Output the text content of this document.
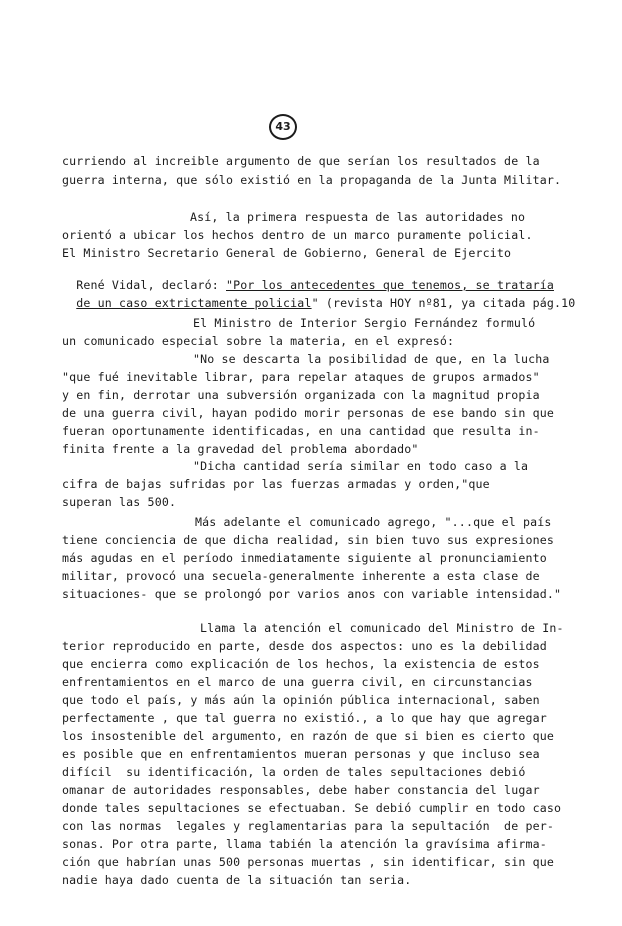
43
curriendo al increible argumento de que serían los resultados de la
guerra interna, que sólo existió en la propaganda de la Junta Militar.
Así, la primera respuesta de las autoridades no
orientó a ubicar los hechos dentro de un marco puramente policial.
El Ministro Secretario General de Gobierno, General de Ejercito

René Vidal, declaró: "Por los antecedentes que tenemos, se trataría

de un caso extrictamente policial" (revista HOY nº81, ya citada pág.10

El Ministro de Interior Sergio Fernández formuló
un comunicado especial sobre la materia, en el expresó:
"No se descarta la posibilidad de que, en la lucha
"que fué inevitable librar, para repelar ataques de grupos armados"
y en fin, derrotar una subversión organizada con la magnitud propia
de una guerra civil, hayan podido morir personas de ese bando sin que
fueran oportunamente identificadas, en una cantidad que resulta in-
finita frente a la gravedad del problema abordado"
"Dicha cantidad sería similar en todo caso a la
cifra de bajas sufridas por las fuerzas armadas y orden,"que
superan las 500.
Más adelante el comunicado agrego, "...que el país
tiene conciencia de que dicha realidad, sin bien tuvo sus expresiones
más agudas en el período inmediatamente siguiente al pronunciamiento
militar, provocó una secuela-generalmente inherente a esta clase de
situaciones- que se prolongó por varios anos con variable intensidad."
Llama la atención el comunicado del Ministro de In-
terior reproducido en parte, desde dos aspectos: uno es la debilidad
que encierra como explicación de los hechos, la existencia de estos
enfrentamientos en el marco de una guerra civil, en circunstancias
que todo el país, y más aún la opinión pública internacional, saben
perfectamente , que tal guerra no existió., a lo que hay que agregar
los insostenible del argumento, en razón de que si bien es cierto que
es posible que en enfrentamientos mueran personas y que incluso sea
difícil  su identificación, la orden de tales sepultaciones debió
omanar de autoridades responsables, debe haber constancia del lugar
donde tales sepultaciones se efectuaban. Se debió cumplir en todo caso
con las normas  legales y reglamentarias para la sepultación  de per-
sonas. Por otra parte, llama tabién la atención la gravísima afirma-
ción que habrían unas 500 personas muertas , sin identificar, sin que
nadie haya dado cuenta de la situación tan seria.
